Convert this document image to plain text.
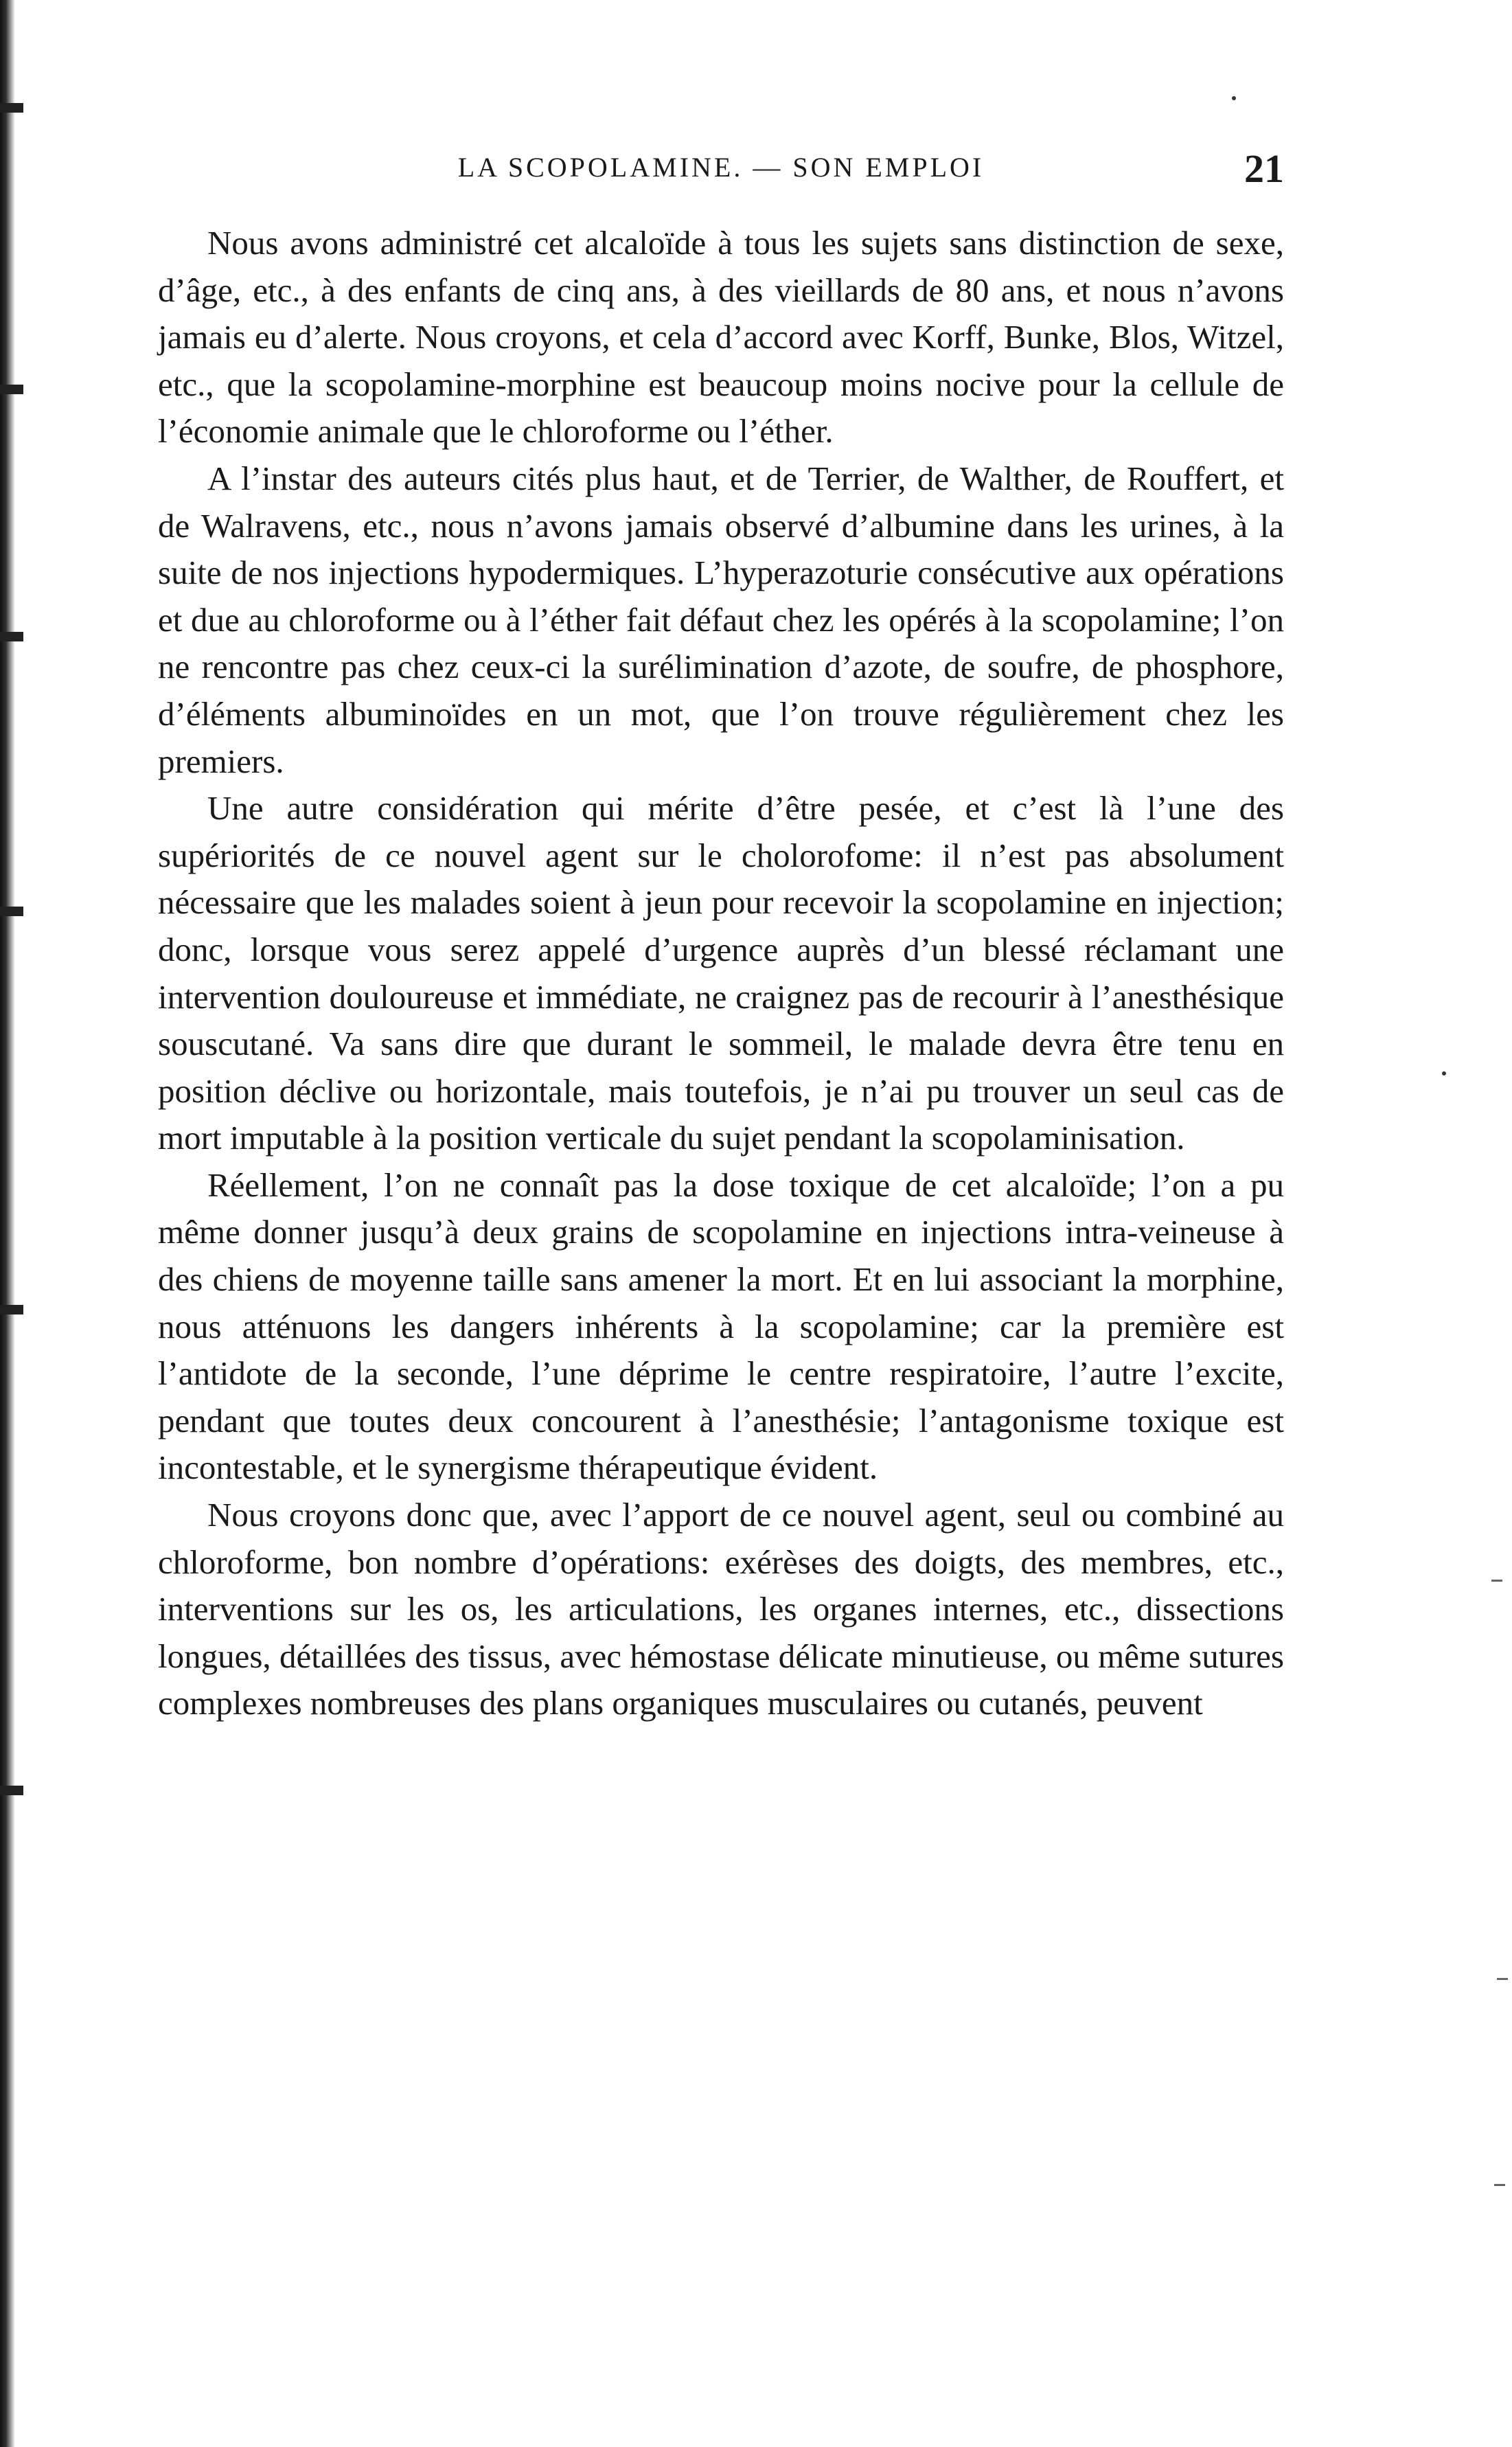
LA SCOPOLAMINE. — SON EMPLOI	21

Nous avons administré cet alcaloïde à tous les sujets sans distinction de sexe, d’âge, etc., à des enfants de cinq ans, à des vieillards de 80 ans, et nous n’avons jamais eu d’alerte. Nous croyons, et cela d’accord avec Korff, Bunke, Blos, Witzel, etc., que la scopolamine-morphine est beaucoup moins nocive pour la cellule de l’économie animale que le chloroforme ou l’éther.

A l’instar des auteurs cités plus haut, et de Terrier, de Walther, de Rouffert, et de Walravens, etc., nous n’avons jamais observé d’albumine dans les urines, à la suite de nos injections hypodermiques. L’hyperazoturie consécutive aux opérations et due au chloroforme ou à l’éther fait défaut chez les opérés à la scopolamine; l’on ne rencontre pas chez ceux-ci la surélimination d’azote, de soufre, de phosphore, d’éléments albuminoïdes en un mot, que l’on trouve régulièrement chez les premiers.

Une autre considération qui mérite d’être pesée, et c’est là l’une des supériorités de ce nouvel agent sur le cholorofome: il n’est pas absolument nécessaire que les malades soient à jeun pour recevoir la scopolamine en injection; donc, lorsque vous serez appelé d’urgence auprès d’un blessé réclamant une intervention douloureuse et immédiate, ne craignez pas de recourir à l’anesthésique souscutané. Va sans dire que durant le sommeil, le malade devra être tenu en position déclive ou horizontale, mais toutefois, je n’ai pu trouver un seul cas de mort imputable à la position verticale du sujet pendant la scopolaminisation.

Réellement, l’on ne connaît pas la dose toxique de cet alcaloïde; l’on a pu même donner jusqu’à deux grains de scopolamine en injections intra-veineuse à des chiens de moyenne taille sans amener la mort. Et en lui associant la morphine, nous atténuons les dangers inhérents à la scopolamine; car la première est l’antidote de la seconde, l’une déprime le centre respiratoire, l’autre l’excite, pendant que toutes deux concourent à l’anesthésie; l’antagonisme toxique est incontestable, et le synergisme thérapeutique évident.

Nous croyons donc que, avec l’apport de ce nouvel agent, seul ou combiné au chloroforme, bon nombre d’opérations: exérèses des doigts, des membres, etc., interventions sur les os, les articulations, les organes internes, etc., dissections longues, détaillées des tissus, avec hémostase délicate minutieuse, ou même sutures complexes nombreuses des plans organiques musculaires ou cutanés, peuvent
